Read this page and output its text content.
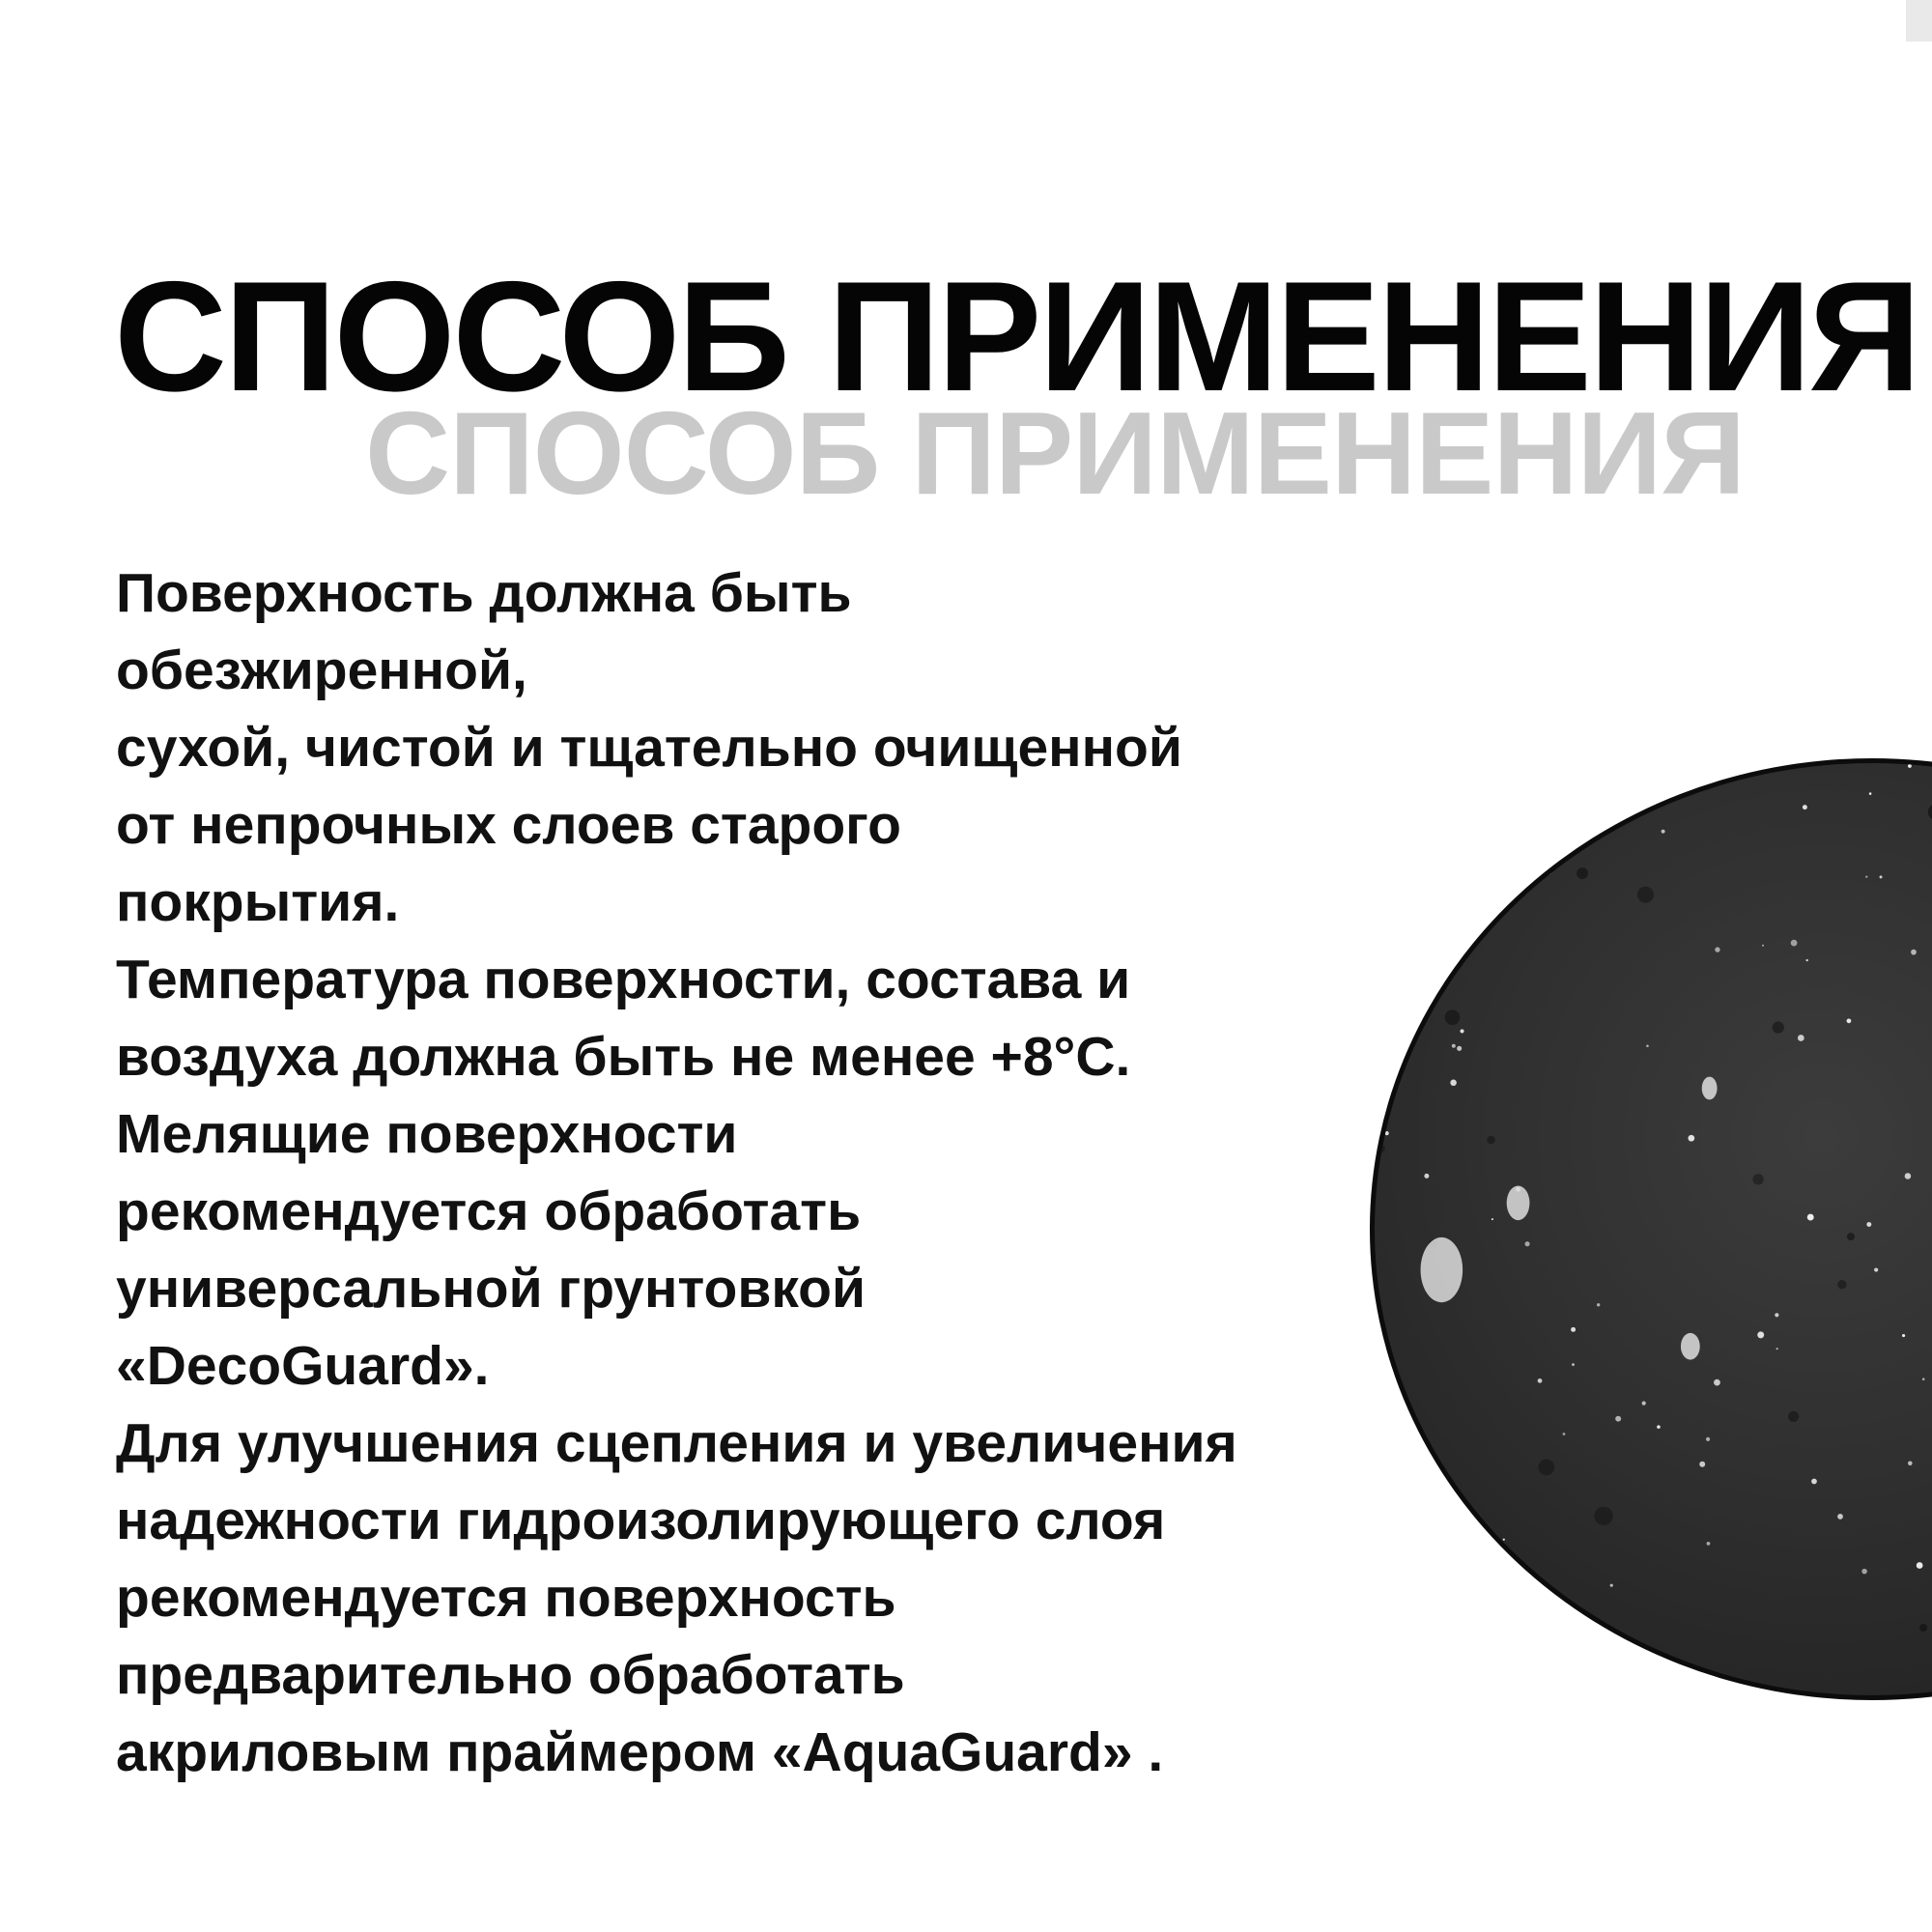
СПОСОБ ПРИМЕНЕНИЯ
СПОСОБ ПРИМЕНЕНИЯ
Поверхность должна быть
обезжиренной,
сухой, чистой и тщательно очищенной
от непрочных слоев старого
покрытия.
Температура поверхности, состава и
воздуха должна быть не менее +8°С.
Мелящие поверхности
рекомендуется обработать
универсальной грунтовкой
«DecoGuard».
Для улучшения сцепления и увеличения
надежности гидроизолирующего слоя
рекомендуется поверхность
предварительно обработать
акриловым праймером «AquaGuard» .
